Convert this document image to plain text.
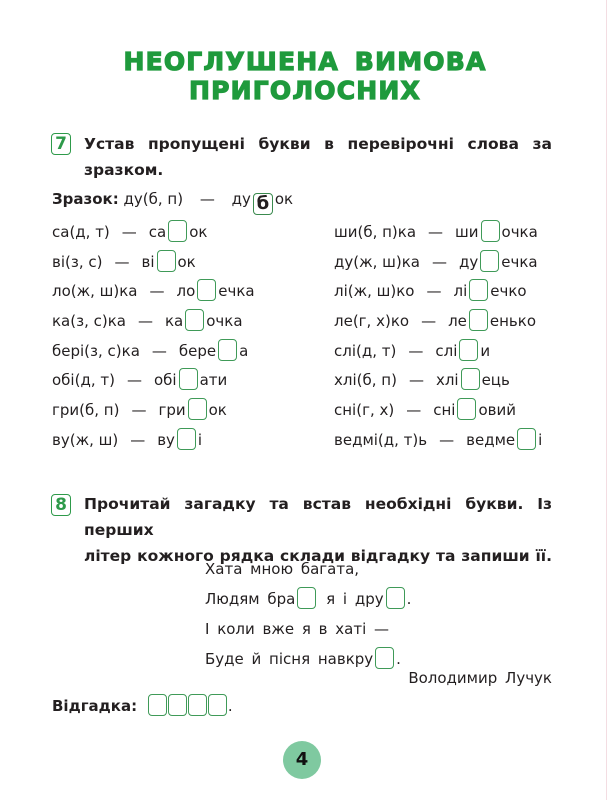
НЕОГЛУШЕНА ВИМОВА ПРИГОЛОСНИХ
7 Устав пропущені букви в перевірочні слова за
зразком.
Зразок: ду(б, п) — ду б ок
са(д, т) — са ок
ві(з, с) — ві ок
ло(ж, ш)ка — ло ечка
ка(з, с)ка — ка очка
бері(з, с)ка — бере а
обі(д, т) — обі ати
гри(б, п) — гри ок
ву(ж, ш) — ву і
ши(б, п)ка — ши очка
ду(ж, ш)ка — ду ечка
лі(ж, ш)ко — лі ечко
ле(г, х)ко — ле енько
слі(д, т) — слі и
хлі(б, п) — хлі ець
сні(г, х) — сні овий
ведмі(д, т)ь — ведме і
8 Прочитай загадку та встав необхідні букви. Із перших
літер кожного рядка склади відгадку та запиши її.
Хата мною багата,
Людям бра я і дру .
І коли вже я в хаті —
Буде й пісня навкру .
Володимир Лучук
Відгадка:	.
4
